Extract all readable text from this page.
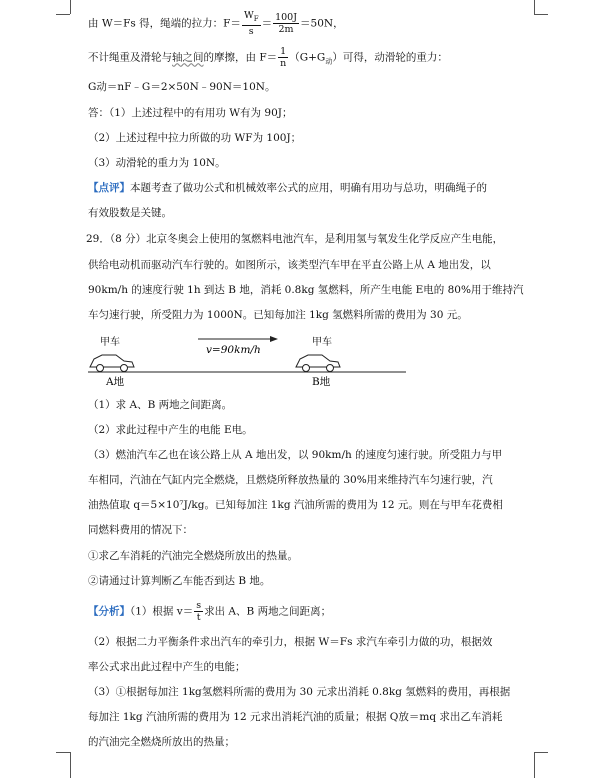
由 W＝Fs 得，绳端的拉力：$F= \frac{W_F}{s} = \frac{100J}{2m} =50N$，
不计绳重及滑轮与轴之间的摩擦，由 $F= \frac{1}{n} (G+G_动)$可得，动滑轮的重力：
G动＝nF﹣G＝2×50N﹣90N＝10N。
答：（1）上述过程中的有用功 W有为 90J；
（2）上述过程中拉力所做的功 WF为 100J；
（3）动滑轮的重力为 10N。
【点评】本题考查了做功公式和机械效率公式的应用，明确有用功与总功，明确绳子的
有效股数是关键。
29．（8 分）北京冬奥会上使用的氢燃料电池汽车，是利用氢与氧发生化学反应产生电能，
供给电动机而驱动汽车行驶的。如图所示，该类型汽车甲在平直公路上从 A 地出发，以
90km/h 的速度行驶 1h 到达 B 地，消耗 0.8kg 氢燃料，所产生电能 E电的 80%用于维持汽
车匀速行驶，所受阻力为 1000N。已知每加注 1kg 氢燃料所需的费用为 30 元。
甲车
v=90km/h
甲车
A地	B地
（1）求 A、B 两地之间距离。
（2）求此过程中产生的电能 E电。
（3）燃油汽车乙也在该公路上从 A 地出发，以 90km/h 的速度匀速行驶。所受阻力与甲
车相同，汽油在气缸内完全燃烧，且燃烧所释放热量的 30%用来维持汽车匀速行驶，汽
油热值取 q＝5×10⁷J/kg。已知每加注 1kg 汽油所需的费用为 12 元。则在与甲车花费相
同燃料费用的情况下：
①求乙车消耗的汽油完全燃烧所放出的热量。
②请通过计算判断乙车能否到达 B 地。
【分析】（1）根据 $v= \frac{s}{t}$ 求出 A、B 两地之间距离；
（2）根据二力平衡条件求出汽车的牵引力，根据 W＝Fs 求汽车牵引力做的功，根据效
率公式求出此过程中产生的电能；
（3）①根据每加注 1kg氢燃料所需的费用为 30 元求出消耗 0.8kg 氢燃料的费用，再根据
每加注 1kg 汽油所需的费用为 12 元求出消耗汽油的质量；根据 Q放＝mq 求出乙车消耗
的汽油完全燃烧所放出的热量；
